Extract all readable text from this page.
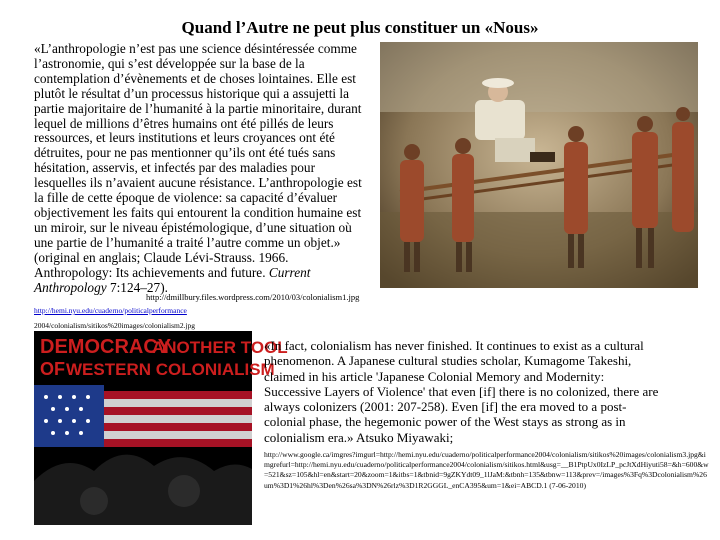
Quand l’Autre ne peut plus constituer un «Nous»
«L’anthropologie n’est pas une science désintéressée comme l’astronomie, qui s’est développée sur la base de la contemplation d’évènements et de choses lointaines. Elle est plutôt le résultat d’un processus historique qui a assujetti la partie majoritaire de l’humanité à la partie minoritaire, durant lequel de millions d’êtres humains ont été pillés de leurs ressources, et leurs institutions et leurs croyances ont été détruites, pour ne pas mentionner qu’ils ont été tués sans hésitation, asservis, et infectés par des maladies pour lesquelles ils n’avaient aucune résistance. L’anthropologie est la fille de cette époque de violence: sa capacité d’évaluer objectivement les faits qui entourent la condition humaine est un miroir, sur le niveau épistémologique, d’une situation où une partie de l’humanité a traité l’autre comme un objet.» (original en anglais; Claude Lévi-Strauss. 1966. Anthropology: Its achievements and future. Current Anthropology 7:124–27).
http://dmillbury.files.wordpress.com/2010/03/colonialism1.jpg
http://hemi.nyu.edu/cuaderno/politicalperformance
2004/colonialism/sitikos%20images/colonialism2.jpg
DEMOCRACY
ANOTHER TOOL
OF WESTERN COLONIALISM
«In fact, colonialism has never finished. It continues to exist as a cultural phenomenon. A Japanese cultural studies scholar, Kumagome Takeshi, claimed in his article 'Japanese Colonial Memory and Modernity: Successive Layers of Violence' that even [if] there is no colonized, there are always colonizers (2001: 207-258). Even [if] the era moved to a post-colonial phase, the hegemonic power of the West stays as strong as in colonialism era.» Atsuko Miyawaki;
http://www.google.ca/imgres?imgurl=http://hemi.nyu.edu/cuaderno/politicalperformance2004/colonialism/sitikos%20images/colonialism3.jpg&imgrefurl=http://hemi.nyu.edu/cuaderno/politicalperformance2004/colonialism/sitikos.html&usg=__B1PtpUx0IzLP_pcJtXdHiyuti58=&h=600&w=521&sz=105&hl=en&start=20&zoom=1&itbs=1&tbnid=9gZKYdt09_1lJaM:&tbnh=135&tbnw=113&prev=/images%3Fq%3Dcolonialism%26um%3D1%26hl%3Den%26sa%3DN%26rlz%3D1R2GGGL_enCA395&um=1&ei=ABCD.1 (7-06-2010)
